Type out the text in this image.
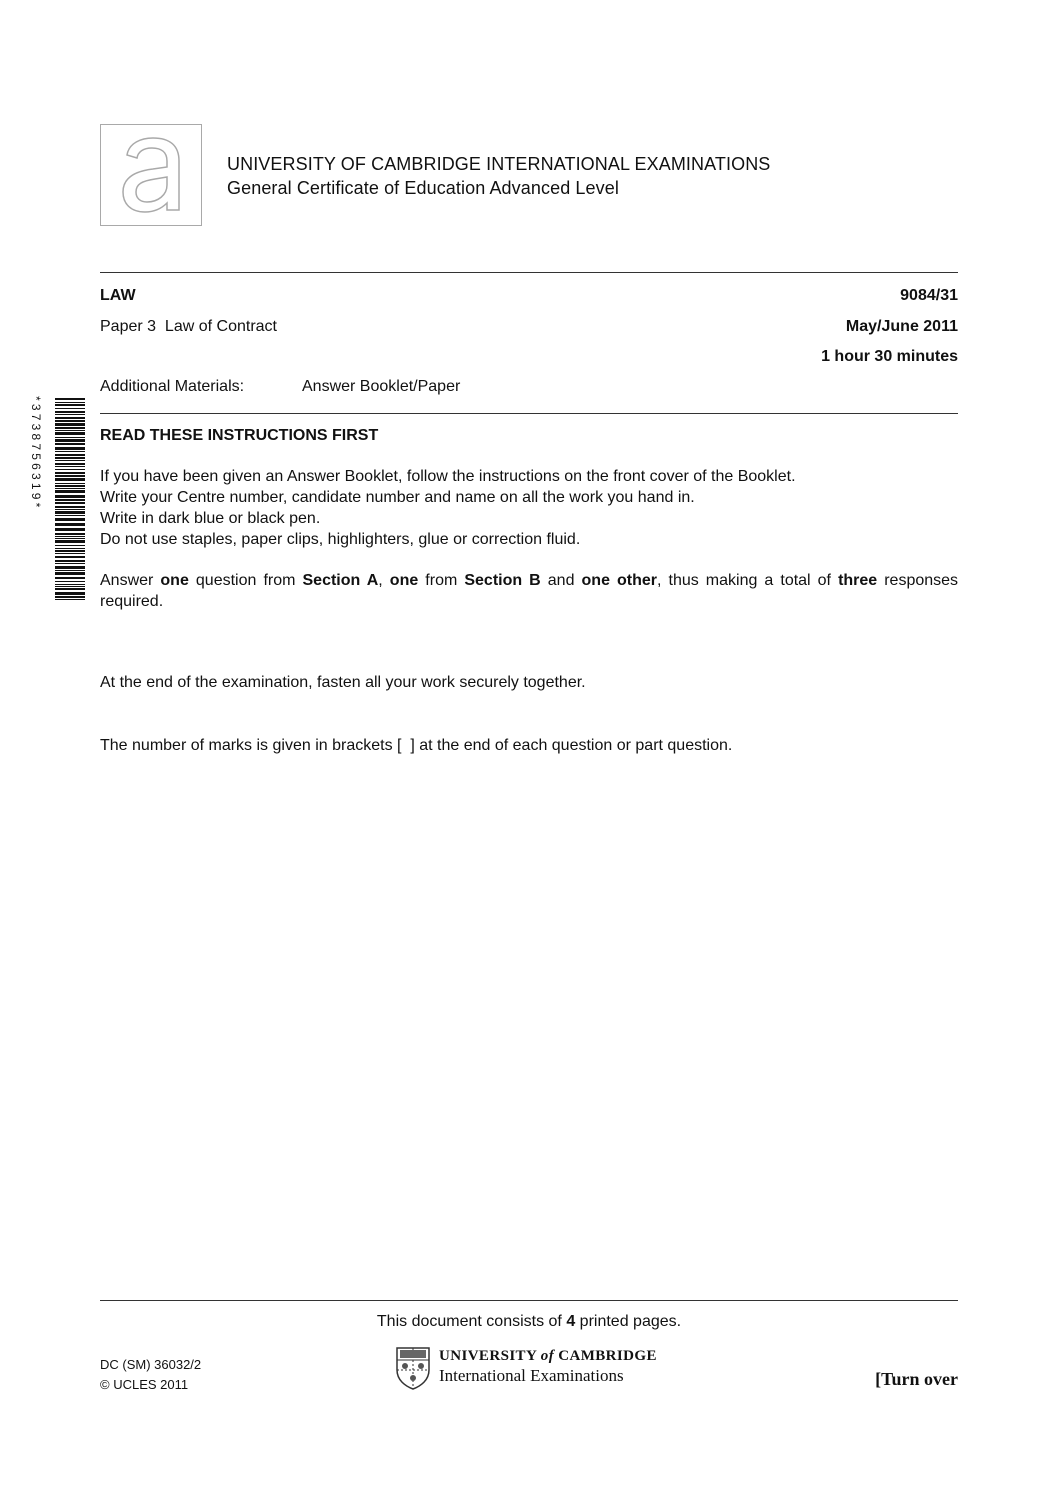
UNIVERSITY OF CAMBRIDGE INTERNATIONAL EXAMINATIONS
General Certificate of Education Advanced Level
LAW	9084/31
Paper 3  Law of Contract	May/June 2011
1 hour 30 minutes
Additional Materials:	Answer Booklet/Paper
*3738756319*	READ THESE INSTRUCTIONS FIRST

If you have been given an Answer Booklet, follow the instructions on the front cover of the Booklet.

Write your Centre number, candidate number and name on all the work you hand in.

Write in dark blue or black pen.

Do not use staples, paper clips, highlighters, glue or correction fluid.

Answer one question from Section A, one from Section B and one other, thus making a total of three responses required.

At the end of the examination, fasten all your work securely together.

The number of marks is given in brackets [  ] at the end of each question or part question.

This document consists of 4 printed pages.

DC (SM) 36032/2

© UCLES 2011

UNIVERSITY of CAMBRIDGE
International Examinations	[Turn over
